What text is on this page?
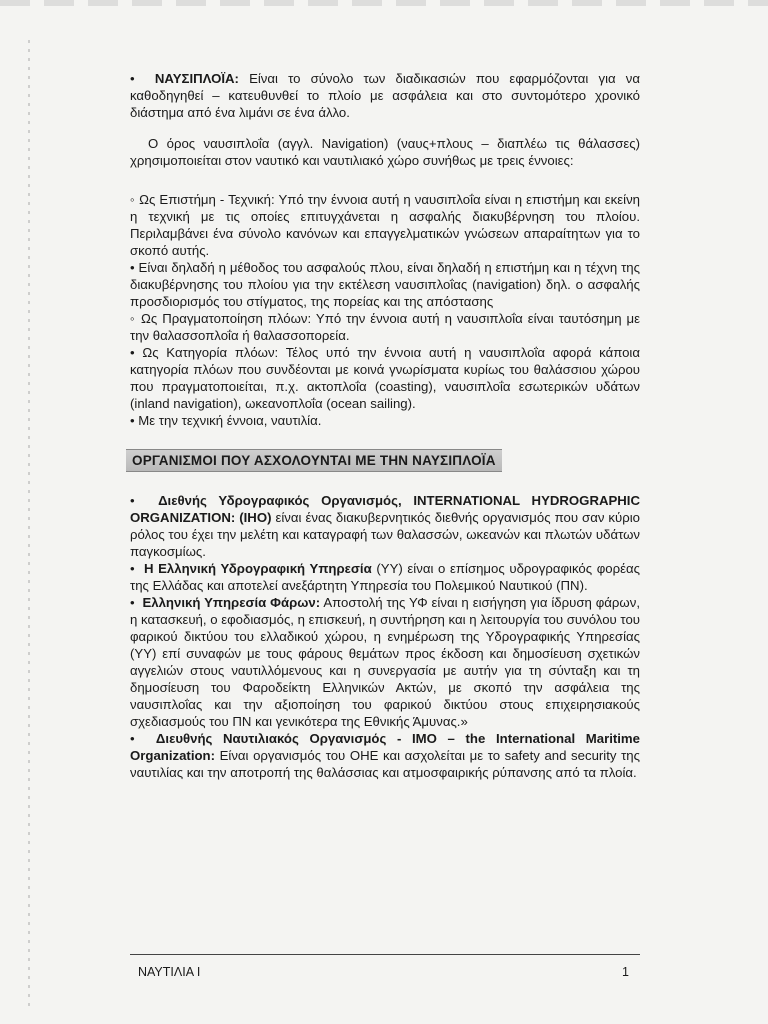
•  ΝΑΥΣΙΠΛΟΪΑ: Είναι το σύνολο των διαδικασιών που εφαρμόζονται για να καθοδηγηθεί – κατευθυνθεί το πλοίο με ασφάλεια και στο συντομότερο χρονικό διάστημα από ένα λιμάνι σε ένα άλλο.

Ο όρος ναυσιπλοΐα (αγγλ. Navigation) (ναυς+πλους – διαπλέω τις θάλασσες) χρησιμοποιείται στον ναυτικό και ναυτιλιακό χώρο συνήθως με τρεις έννοιες:

◦ Ως Επιστήμη - Τεχνική: Υπό την έννοια αυτή η ναυσιπλοΐα είναι η επιστήμη και εκείνη η τεχνική με τις οποίες επιτυγχάνεται η ασφαλής διακυβέρνηση του πλοίου. Περιλαμβάνει ένα σύνολο κανόνων και επαγγελματικών γνώσεων απαραίτητων για το σκοπό αυτής.

• Είναι δηλαδή η μέθοδος του ασφαλούς πλου, είναι δηλαδή η επιστήμη και η τέχνη της διακυβέρνησης του πλοίου για την εκτέλεση ναυσιπλοΐας (navigation) δηλ. ο ασφαλής προσδιορισμός του στίγματος, της πορείας και της απόστασης

◦ Ως Πραγματοποίηση πλόων: Υπό την έννοια αυτή η ναυσιπλοΐα είναι ταυτόσημη με την θαλασσοπλοΐα ή θαλασσοπορεία.

• Ως Κατηγορία πλόων: Τέλος υπό την έννοια αυτή η ναυσιπλοΐα αφορά κάποια κατηγορία πλόων που συνδέονται με κοινά γνωρίσματα κυρίως του θαλάσσιου χώρου που πραγματοποιείται, π.χ. ακτοπλοΐα (coasting), ναυσιπλοΐα εσωτερικών υδάτων (inland navigation), ωκεανοπλοΐα (ocean sailing).

• Με την τεχνική έννοια, ναυτιλία.

ΟΡΓΑΝΙΣΜΟΙ ΠΟΥ ΑΣΧΟΛΟΥΝΤΑΙ ΜΕ ΤΗΝ ΝΑΥΣΙΠΛΟΪΑ

•  Διεθνής Υδρογραφικός Οργανισμός, INTERNATIONAL HYDROGRAPHIC ORGANIZATION: (IHO) είναι ένας διακυβερνητικός διεθνής οργανισμός που σαν κύριο ρόλος του έχει την μελέτη και καταγραφή των θαλασσών, ωκεανών και πλωτών υδάτων παγκοσμίως.

•  Η Ελληνική Υδρογραφική Υπηρεσία (ΥΥ) είναι ο επίσημος υδρογραφικός φορέας της Ελλάδας και αποτελεί ανεξάρτητη Υπηρεσία του Πολεμικού Ναυτικού (ΠΝ).

•  Ελληνική Υπηρεσία Φάρων: Αποστολή της ΥΦ είναι η εισήγηση για ίδρυση φάρων, η κατασκευή, ο εφοδιασμός, η επισκευή, η συντήρηση και η λειτουργία του συνόλου του φαρικού δικτύου του ελλαδικού χώρου, η ενημέρωση της Υδρογραφικής Υπηρεσίας (ΥΥ) επί συναφών με τους φάρους θεμάτων προς έκδοση και δημοσίευση σχετικών αγγελιών στους ναυτιλλόμενους και η συνεργασία με αυτήν για τη σύνταξη και τη δημοσίευση του Φαροδείκτη Ελληνικών Ακτών, με σκοπό την ασφάλεια της ναυσιπλοΐας και την αξιοποίηση του φαρικού δικτύου στους επιχειρησιακούς σχεδιασμούς του ΠΝ και γενικότερα της Εθνικής Άμυνας.»

•  Διευθνής Ναυτιλιακός Οργανισμός - ΙΜΟ – the International Maritime Organization: Είναι οργανισμός του ΟΗΕ και ασχολείται με το safety and security της ναυτιλίας και την αποτροπή της θαλάσσιας και ατμοσφαιρικής ρύπανσης από τα πλοία.

ΝΑΥΤΙΛΙΑ Ι	1
